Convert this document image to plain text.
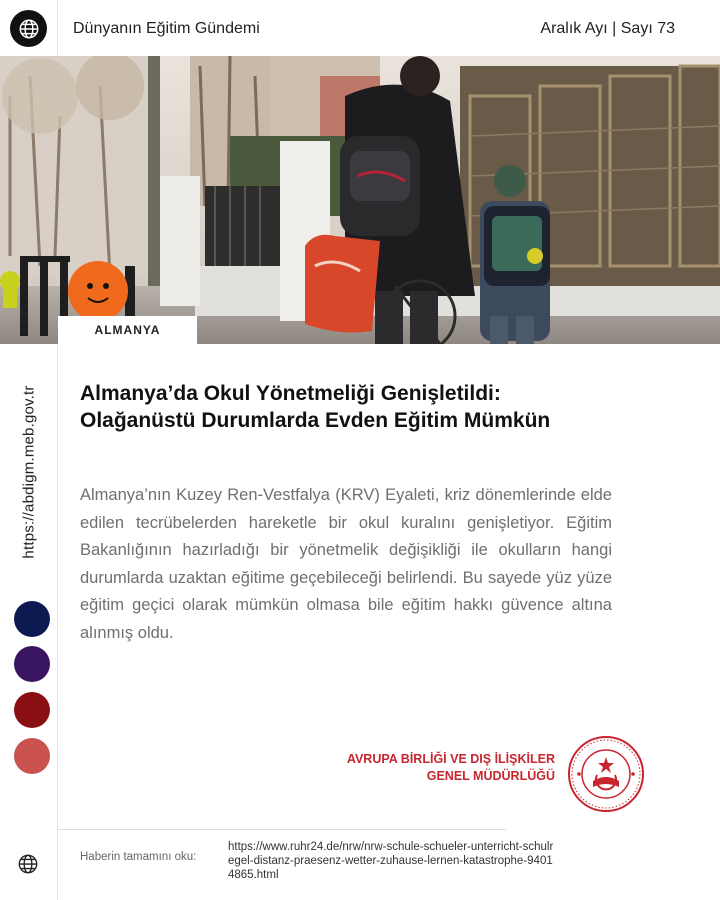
https://abdigm.meb.gov.tr
Dünyanın Eğitim Gündemi	Aralık Ayı | Sayı 73
ALMANYA
Almanya’da Okul Yönetmeliği Genişletildi:
Olağanüstü Durumlarda Evden Eğitim Mümkün

Almanya’nın Kuzey Ren-Vestfalya (KRV) Eyaleti, kriz dönemlerinde elde edilen tecrübelerden hareketle bir okul kuralını genişletiyor. Eğitim Bakanlığının hazırladığı bir yönetmelik değişikliği ile okulların hangi durumlarda uzaktan eğitime geçebileceği belirlendi. Bu sayede yüz yüze eğitim geçici olarak mümkün olmasa bile eğitim hakkı güvence altına alınmış oldu.

AVRUPA BİRLİĞİ VE DIŞ İLİŞKİLER
GENEL MÜDÜRLÜĞÜ
Haberin tamamını oku:
https://www.ruhr24.de/nrw/nrw-schule-schueler-unterricht-schulregel-distanz-praesenz-wetter-zuhause-lernen-katastrophe-94014865.html
